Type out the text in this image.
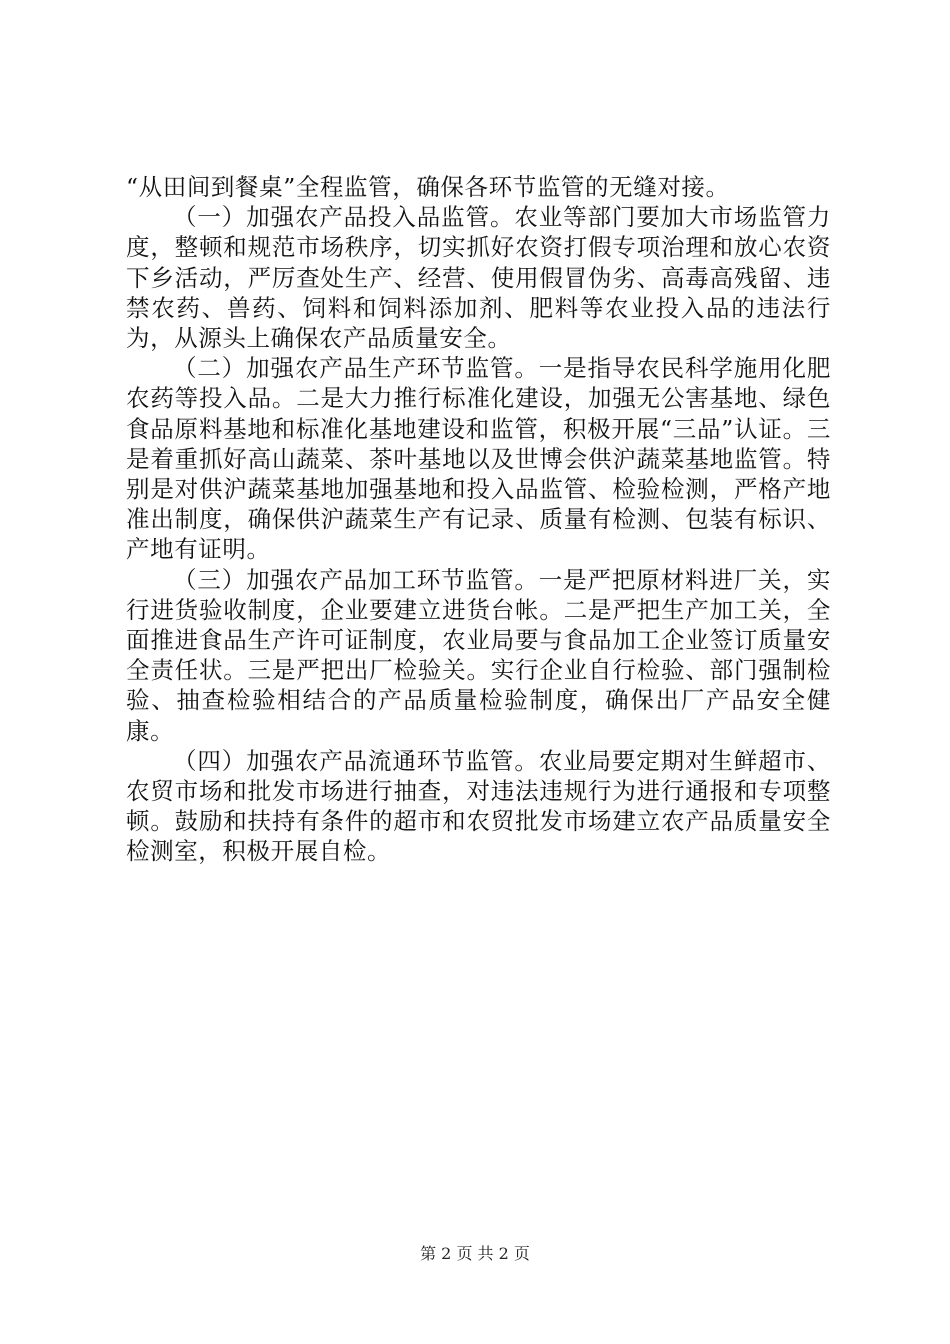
“从田间到餐桌”全程监管，确保各环节监管的无缝对接。

（一）加强农产品投入品监管。农业等部门要加大市场监管力度，整顿和规范市场秩序，切实抓好农资打假专项治理和放心农资下乡活动，严厉查处生产、经营、使用假冒伪劣、高毒高残留、违禁农药、兽药、饲料和饲料添加剂、肥料等农业投入品的违法行为，从源头上确保农产品质量安全。

（二）加强农产品生产环节监管。一是指导农民科学施用化肥农药等投入品。二是大力推行标准化建设，加强无公害基地、绿色食品原料基地和标准化基地建设和监管，积极开展“三品”认证。三是着重抓好高山蔬菜、茶叶基地以及世博会供沪蔬菜基地监管。特别是对供沪蔬菜基地加强基地和投入品监管、检验检测，严格产地准出制度，确保供沪蔬菜生产有记录、质量有检测、包装有标识、产地有证明。

（三）加强农产品加工环节监管。一是严把原材料进厂关，实行进货验收制度，企业要建立进货台帐。二是严把生产加工关，全面推进食品生产许可证制度，农业局要与食品加工企业签订质量安全责任状。三是严把出厂检验关。实行企业自行检验、部门强制检验、抽查检验相结合的产品质量检验制度，确保出厂产品安全健康。

（四）加强农产品流通环节监管。农业局要定期对生鲜超市、农贸市场和批发市场进行抽查，对违法违规行为进行通报和专项整顿。鼓励和扶持有条件的超市和农贸批发市场建立农产品质量安全检测室，积极开展自检。

第 2 页 共 2 页
